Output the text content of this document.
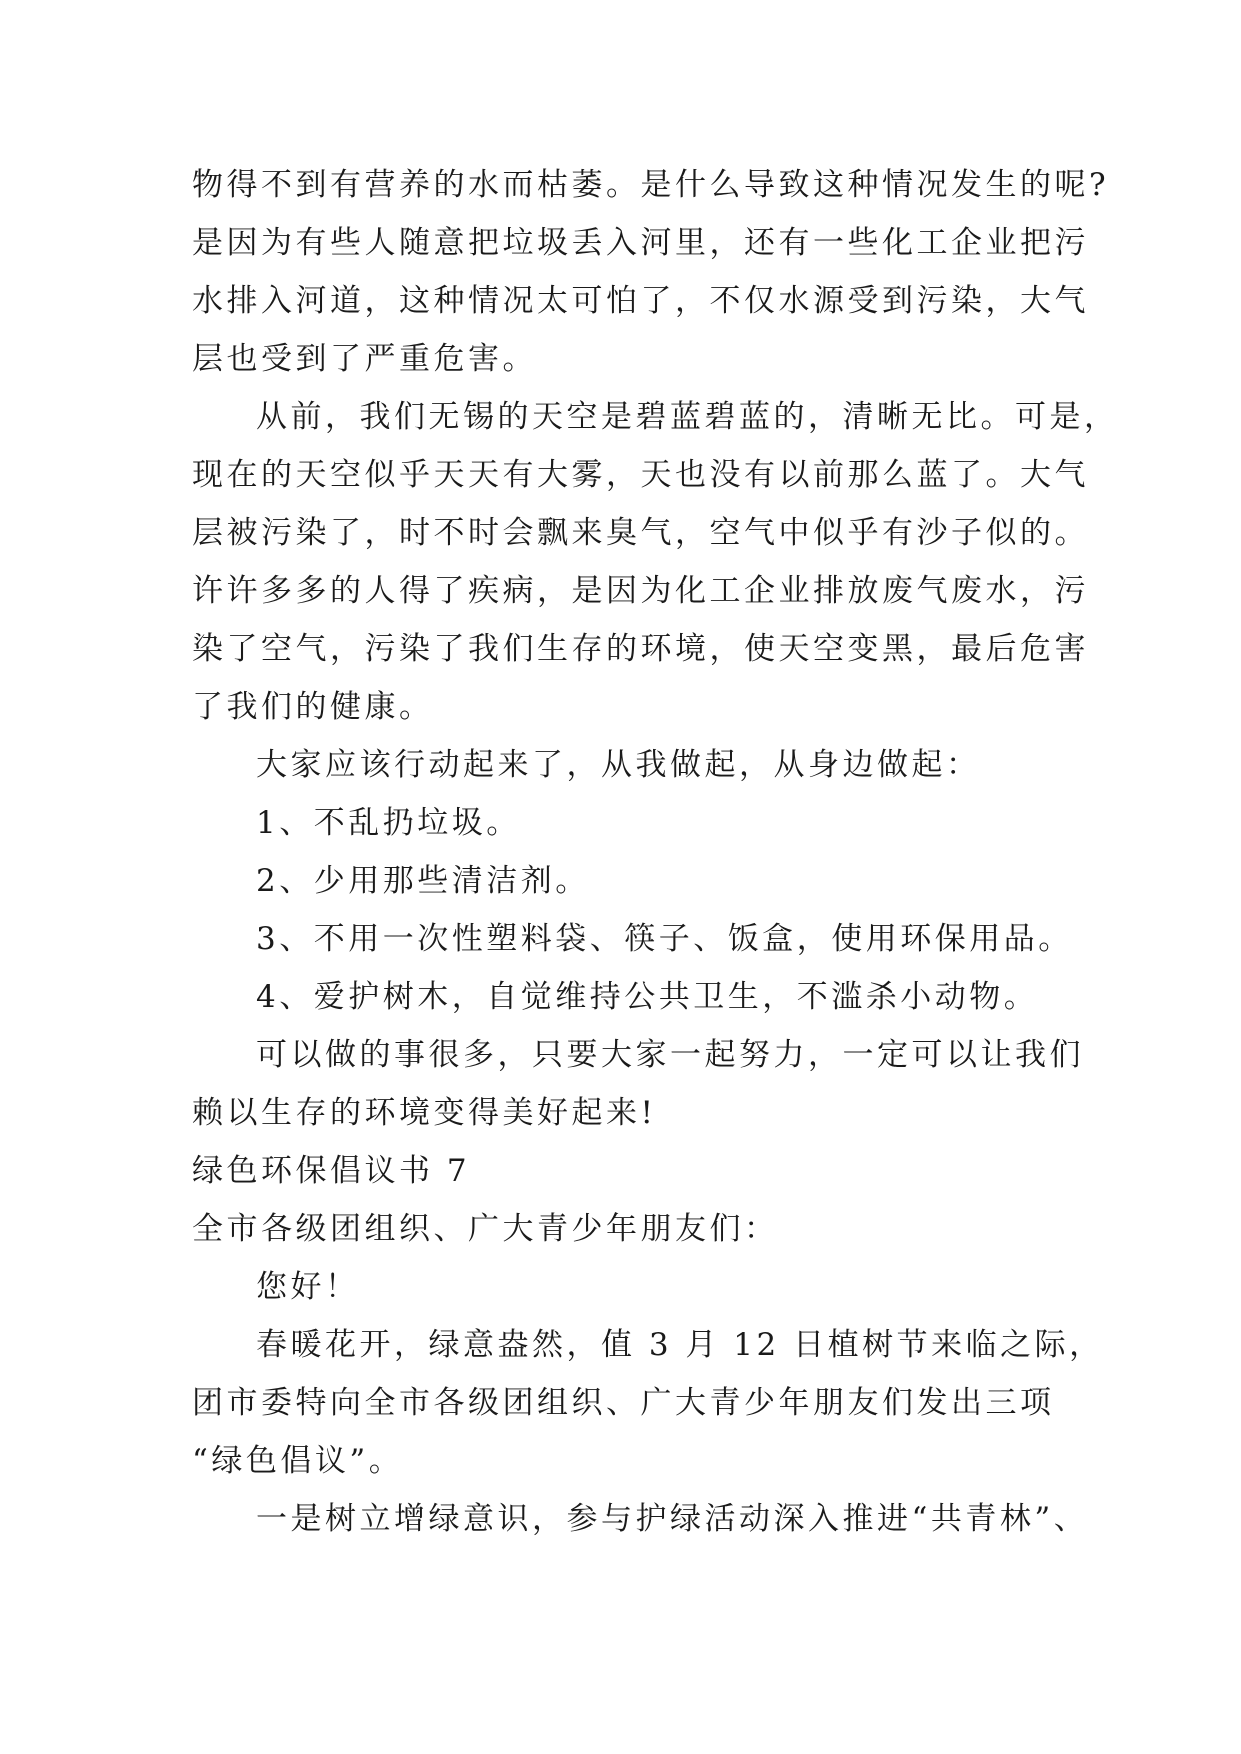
物得不到有营养的水而枯萎。是什么导致这种情况发生的呢?
是因为有些人随意把垃圾丢入河里，还有一些化工企业把污
水排入河道，这种情况太可怕了，不仅水源受到污染，大气
层也受到了严重危害。
从前，我们无锡的天空是碧蓝碧蓝的，清晰无比。可是，
现在的天空似乎天天有大雾，天也没有以前那么蓝了。大气
层被污染了，时不时会飘来臭气，空气中似乎有沙子似的。
许许多多的人得了疾病，是因为化工企业排放废气废水，污
染了空气，污染了我们生存的环境，使天空变黑，最后危害
了我们的健康。
大家应该行动起来了，从我做起，从身边做起：
1、不乱扔垃圾。
2、少用那些清洁剂。
3、不用一次性塑料袋、筷子、饭盒，使用环保用品。
4、爱护树木，自觉维持公共卫生，不滥杀小动物。
可以做的事很多，只要大家一起努力，一定可以让我们
赖以生存的环境变得美好起来!
绿色环保倡议书 7
全市各级团组织、广大青少年朋友们：
您好！
春暖花开，绿意盎然，值 3 月 12 日植树节来临之际，
团市委特向全市各级团组织、广大青少年朋友们发出三项
“绿色倡议”。
一是树立增绿意识，参与护绿活动深入推进“共青林”、
